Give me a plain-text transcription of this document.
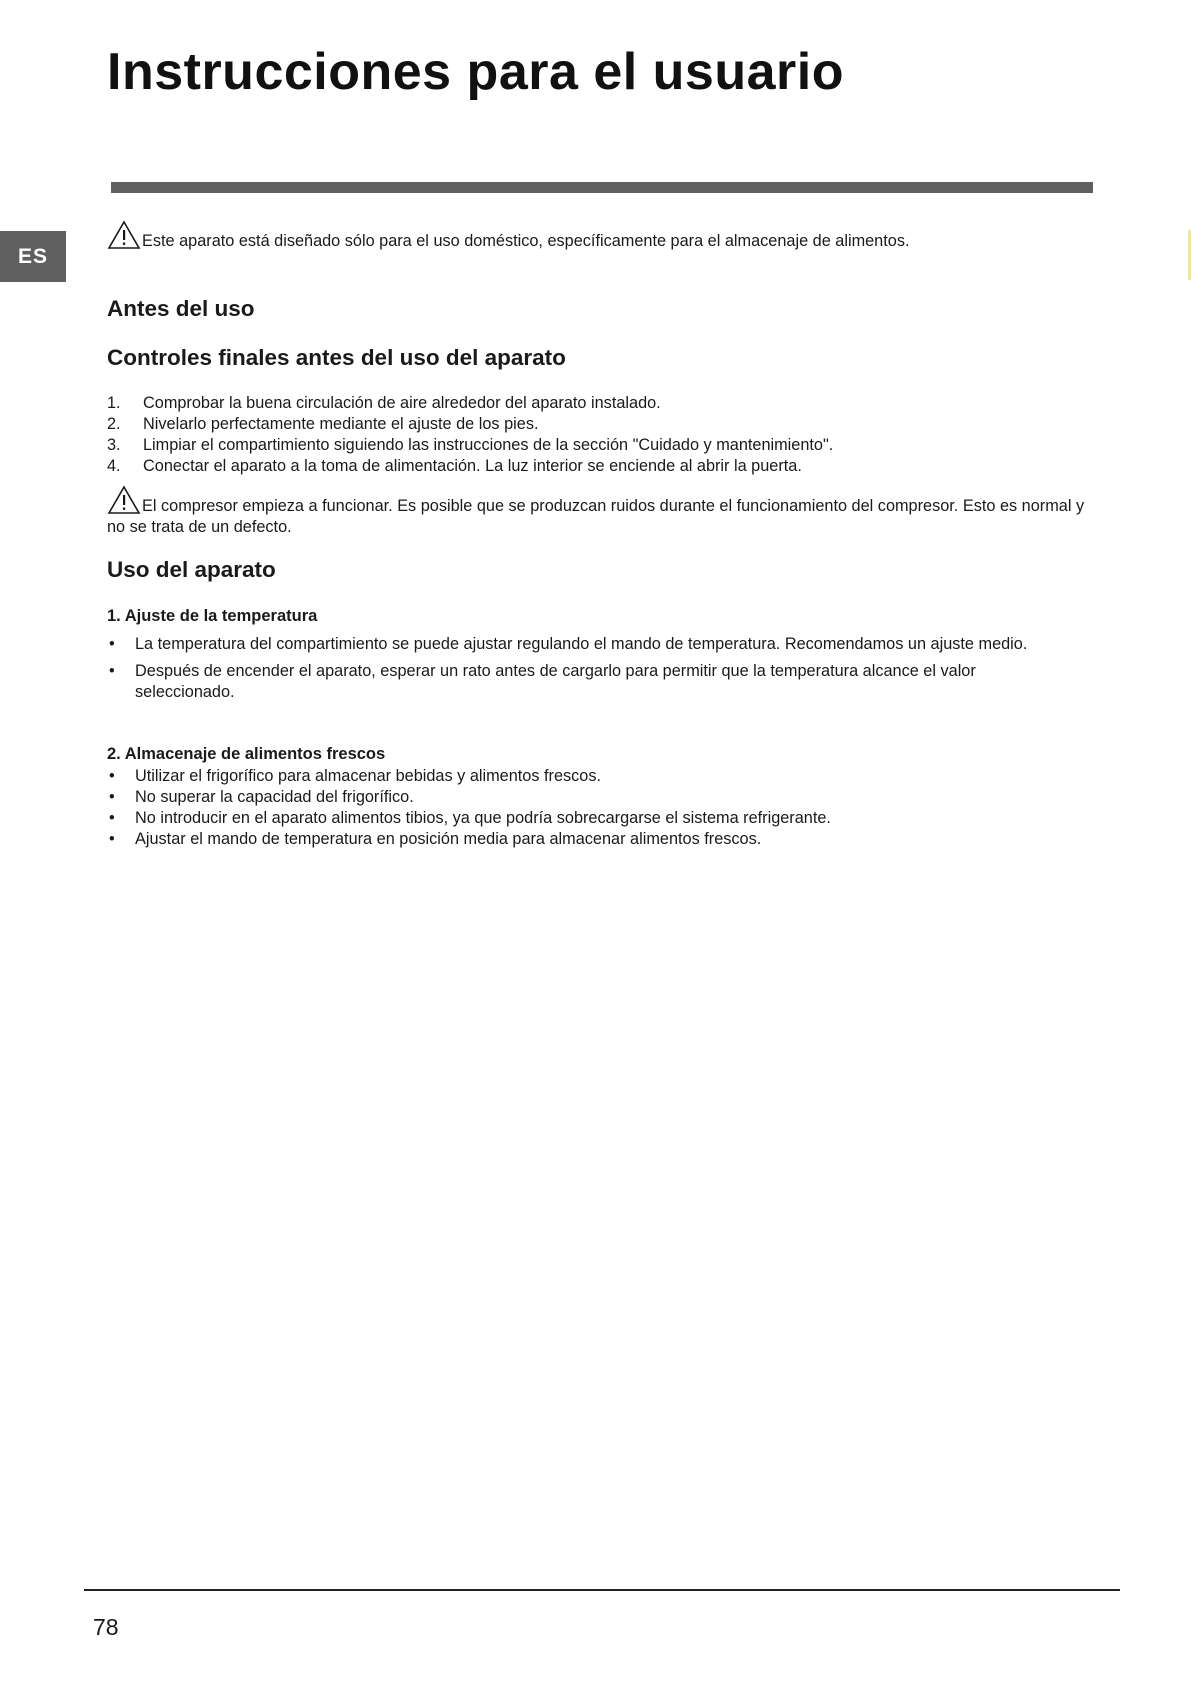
Instrucciones para el usuario
ES
Este aparato está diseñado sólo para el uso doméstico, específicamente para el almacenaje de alimentos.
Antes del uso
Controles finales antes del uso del aparato
1. Comprobar la buena circulación de aire alrededor del aparato instalado.
2. Nivelarlo perfectamente mediante el ajuste de los pies.
3. Limpiar el compartimiento siguiendo las instrucciones de la sección "Cuidado y mantenimiento".
4. Conectar el aparato a la toma de alimentación. La luz interior se enciende al abrir la puerta.
El compresor empieza a funcionar. Es posible que se produzcan ruidos durante el funcionamiento del compresor. Esto es normal y no se trata de un defecto.
Uso del aparato
1. Ajuste de la temperatura
• La temperatura del compartimiento se puede ajustar regulando el mando de temperatura. Recomendamos un ajuste medio.
• Después de encender el aparato, esperar un rato antes de cargarlo para permitir que la temperatura alcance el valor seleccionado.
2. Almacenaje de alimentos frescos
• Utilizar el frigorífico para almacenar bebidas y alimentos frescos.
• No superar la capacidad del frigorífico.
• No introducir en el aparato alimentos tibios, ya que podría sobrecargarse el sistema refrigerante.
• Ajustar el mando de temperatura en posición media para almacenar alimentos frescos.
78
